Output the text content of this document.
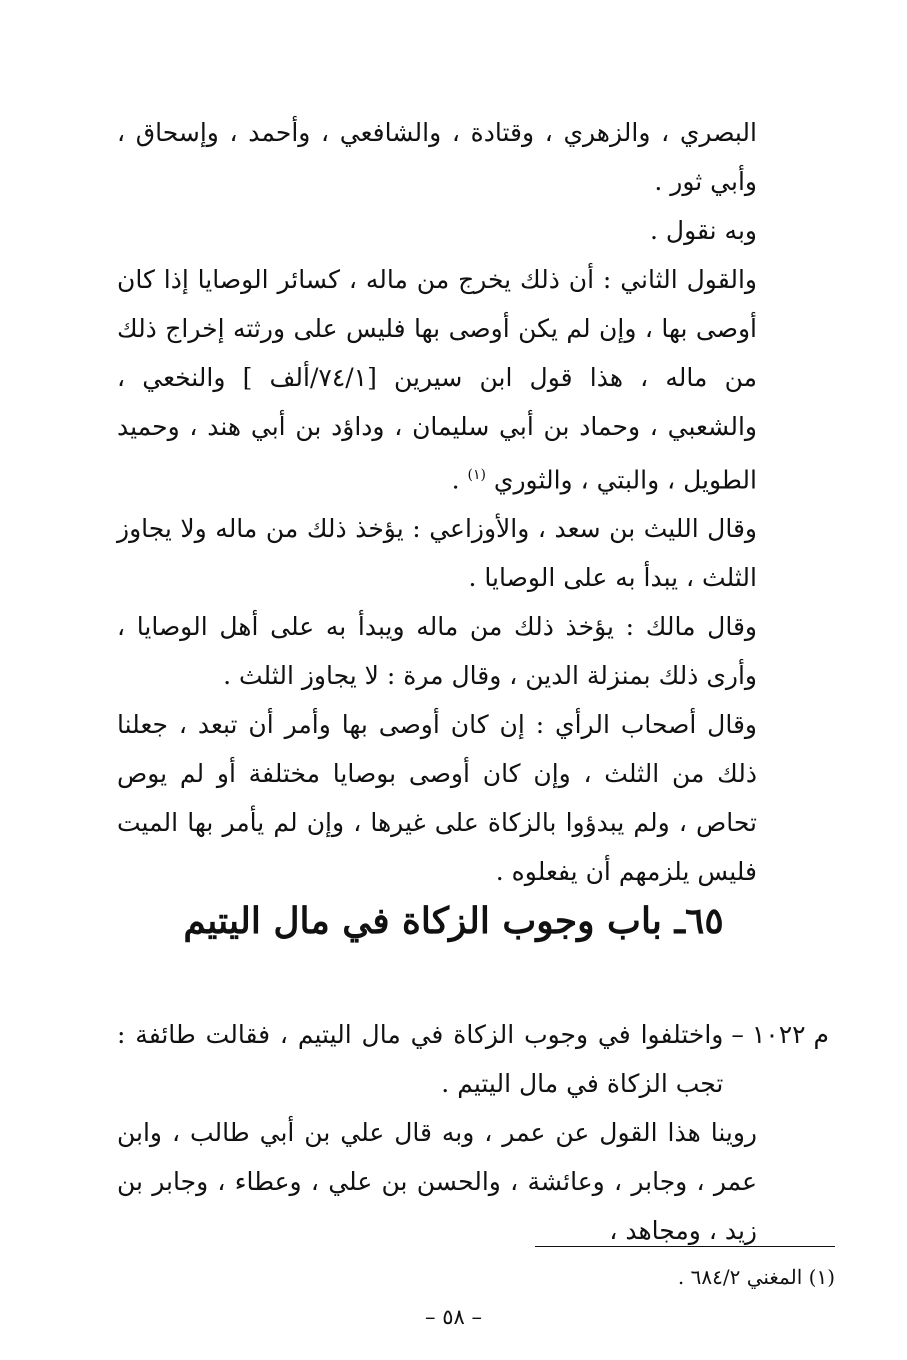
البصري ، والزهري ، وقتادة ، والشافعي ، وأحمد ، وإسحاق ، وأبي ثور .

وبه نقول .

والقول الثاني : أن ذلك يخرج من ماله ، كسائر الوصايا إذا كان أوصى بها ، وإن لم يكن أوصى بها فليس على ورثته إخراج ذلك من ماله ، هذا قول ابن سيرين [٧٤/١/ألف ] والنخعي ، والشعبي ، وحماد بن أبي سليمان ، وداؤد بن أبي هند ، وحميد الطويل ، والبتي ، والثوري $^{(١)}$ .

وقال الليث بن سعد ، والأوزاعي : يؤخذ ذلك من ماله ولا يجاوز الثلث ، يبدأ به على الوصايا .

وقال مالك : يؤخذ ذلك من ماله ويبدأ به على أهل الوصايا ، وأرى ذلك بمنزلة الدين ، وقال مرة : لا يجاوز الثلث .

وقال أصحاب الرأي : إن كان أوصى بها وأمر أن تبعد ، جعلنا ذلك من الثلث ، وإن كان أوصى بوصايا مختلفة أو لم يوص تحاص ، ولم يبدؤوا بالزكاة على غيرها ، وإن لم يأمر بها الميت فليس يلزمهم أن يفعلوه .

٦٥ـ باب وجوب الزكاة في مال اليتيم

م ١٠٢٢ –
واختلفوا في وجوب الزكاة في مال اليتيم ، فقالت طائفة : تجب الزكاة في مال اليتيم .

روينا هذا القول عن عمر ، وبه قال علي بن أبي طالب ، وابن عمر ، وجابر ، وعائشة ، والحسن بن علي ، وعطاء ، وجابر بن زيد ، ومجاهد ،

(١) المغني ٦٨٤/٢ .

– ٥٨ –
